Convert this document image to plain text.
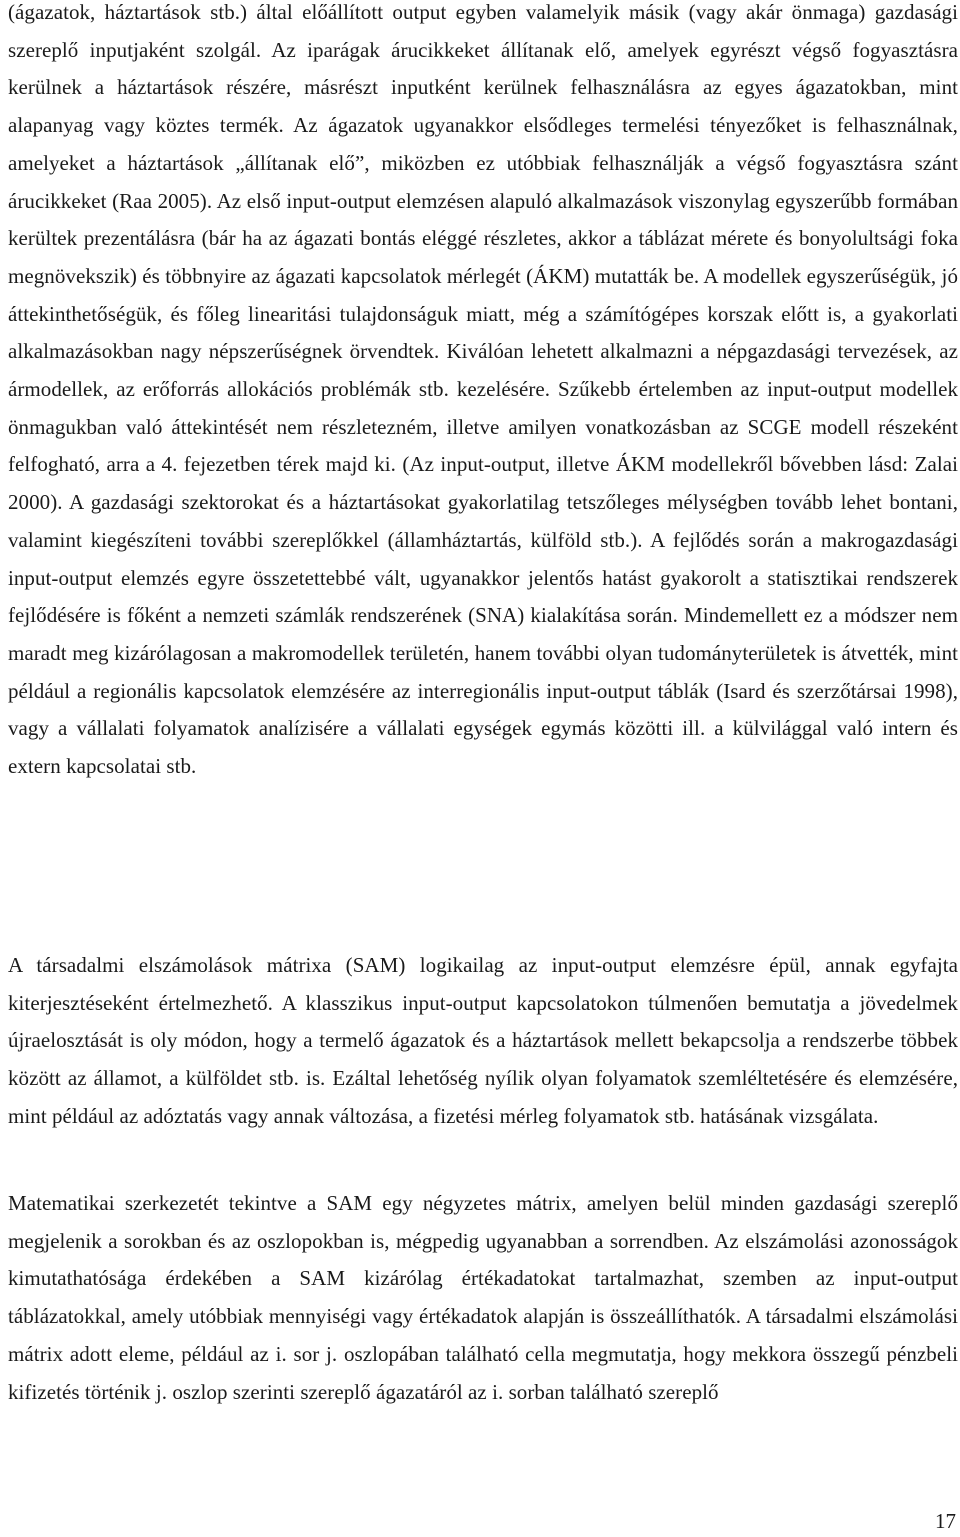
(ágazatok, háztartások stb.) által előállított output egyben valamelyik másik (vagy akár önmaga) gazdasági szereplő inputjaként szolgál. Az iparágak árucikkeket állítanak elő, amelyek egyrészt végső fogyasztásra kerülnek a háztartások részére, másrészt inputként kerülnek felhasználásra az egyes ágazatokban, mint alapanyag vagy köztes termék. Az ágazatok ugyanakkor elsődleges termelési tényezőket is felhasználnak, amelyeket a háztartások „állítanak elő”, miközben ez utóbbiak felhasználják a végső fogyasztásra szánt árucikkeket (Raa 2005). Az első input-output elemzésen alapuló alkalmazások viszonylag egyszerűbb formában kerültek prezentálásra (bár ha az ágazati bontás eléggé részletes, akkor a táblázat mérete és bonyolultsági foka megnövekszik) és többnyire az ágazati kapcsolatok mérlegét (ÁKM) mutatták be. A modellek egyszerűségük, jó áttekinthetőségük, és főleg linearitási tulajdonságuk miatt, még a számítógépes korszak előtt is, a gyakorlati alkalmazásokban nagy népszerűségnek örvendtek. Kiválóan lehetett alkalmazni a népgazdasági tervezések, az ármodellek, az erőforrás allokációs problémák stb. kezelésére. Szűkebb értelemben az input-output modellek önmagukban való áttekintését nem részletezném, illetve amilyen vonatkozásban az SCGE modell részeként felfogható, arra a 4. fejezetben térek majd ki. (Az input-output, illetve ÁKM modellekről bővebben lásd: Zalai 2000). A gazdasági szektorokat és a háztartásokat gyakorlatilag tetszőleges mélységben tovább lehet bontani, valamint kiegészíteni további szereplőkkel (államháztartás, külföld stb.). A fejlődés során a makrogazdasági input-output elemzés egyre összetettebbé vált, ugyanakkor jelentős hatást gyakorolt a statisztikai rendszerek fejlődésére is főként a nemzeti számlák rendszerének (SNA) kialakítása során. Mindemellett ez a módszer nem maradt meg kizárólagosan a makromodellek területén, hanem további olyan tudományterületek is átvették, mint például a regionális kapcsolatok elemzésére az interregionális input-output táblák (Isard és szerzőtársai 1998), vagy a vállalati folyamatok analízisére a vállalati egységek egymás közötti ill. a külvilággal való intern és extern kapcsolatai stb.

A társadalmi elszámolások mátrixa (SAM) logikailag az input-output elemzésre épül, annak egyfajta kiterjesztéseként értelmezhető. A klasszikus input-output kapcsolatokon túlmenően bemutatja a jövedelmek újraelosztását is oly módon, hogy a termelő ágazatok és a háztartások mellett bekapcsolja a rendszerbe többek között az államot, a külföldet stb. is. Ezáltal lehetőség nyílik olyan folyamatok szemléltetésére és elemzésére, mint például az adóztatás vagy annak változása, a fizetési mérleg folyamatok stb. hatásának vizsgálata.

Matematikai szerkezetét tekintve a SAM egy négyzetes mátrix, amelyen belül minden gazdasági szereplő megjelenik a sorokban és az oszlopokban is, mégpedig ugyanabban a sorrendben. Az elszámolási azonosságok kimutathatósága érdekében a SAM kizárólag értékadatokat tartalmazhat, szemben az input-output táblázatokkal, amely utóbbiak mennyiségi vagy értékadatok alapján is összeállíthatók. A társadalmi elszámolási mátrix adott eleme, például az i. sor j. oszlopában található cella megmutatja, hogy mekkora összegű pénzbeli kifizetés történik j. oszlop szerinti szereplő ágazatáról az i. sorban található szereplő

17
